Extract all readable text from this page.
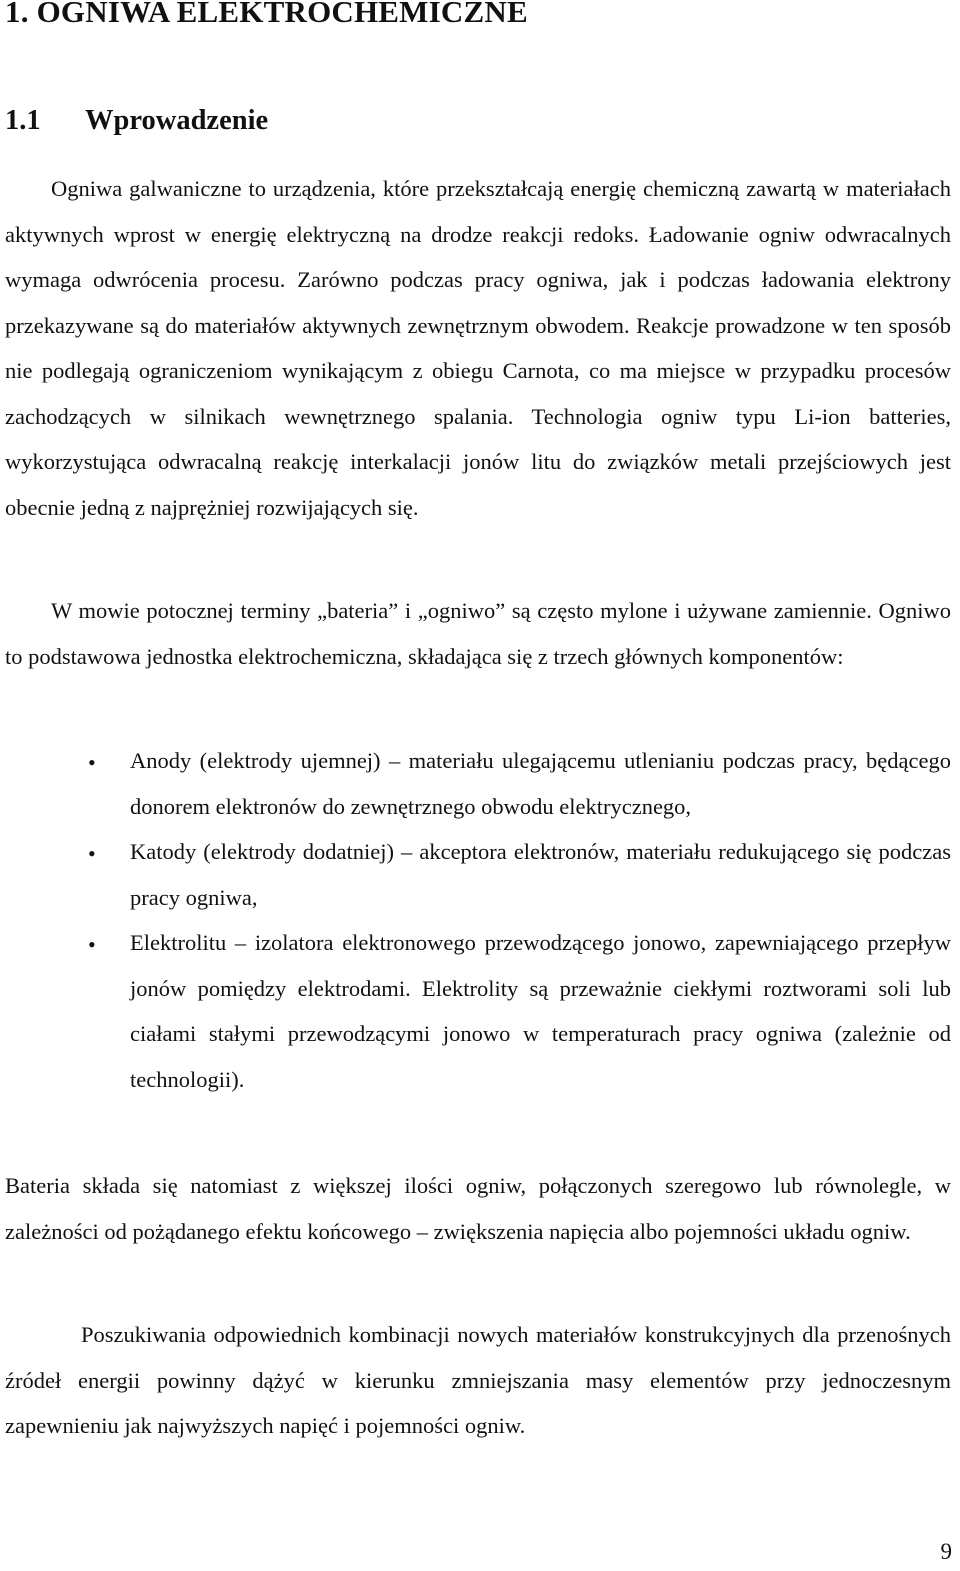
1. OGNIWA ELEKTROCHEMICZNE
1.1 Wprowadzenie

Ogniwa galwaniczne to urządzenia, które przekształcają energię chemiczną zawartą w materiałach aktywnych wprost w energię elektryczną na drodze reakcji redoks. Ładowanie ogniw odwracalnych wymaga odwrócenia procesu. Zarówno podczas pracy ogniwa, jak i podczas ładowania elektrony przekazywane są do materiałów aktywnych zewnętrznym obwodem. Reakcje prowadzone w ten sposób nie podlegają ograniczeniom wynikającym z obiegu Carnota, co ma miejsce w przypadku procesów zachodzących w silnikach wewnętrznego spalania. Technologia ogniw typu Li-ion batteries, wykorzystująca odwracalną reakcję interkalacji jonów litu do związków metali przejściowych jest obecnie jedną z najprężniej rozwijających się.

W mowie potocznej terminy „bateria” i „ogniwo” są często mylone i używane zamiennie. Ogniwo to podstawowa jednostka elektrochemiczna, składająca się z trzech głównych komponentów:

• Anody (elektrody ujemnej) – materiału ulegającemu utlenianiu podczas pracy, będącego donorem elektronów do zewnętrznego obwodu elektrycznego,
• Katody (elektrody dodatniej) – akceptora elektronów, materiału redukującego się podczas pracy ogniwa,
• Elektrolitu – izolatora elektronowego przewodzącego jonowo, zapewniającego przepływ jonów pomiędzy elektrodami. Elektrolity są przeważnie ciekłymi roztworami soli lub ciałami stałymi przewodzącymi jonowo w temperaturach pracy ogniwa (zależnie od technologii).

Bateria składa się natomiast z większej ilości ogniw, połączonych szeregowo lub równolegle, w zależności od pożądanego efektu końcowego – zwiększenia napięcia albo pojemności układu ogniw.

Poszukiwania odpowiednich kombinacji nowych materiałów konstrukcyjnych dla przenośnych źródeł energii powinny dążyć w kierunku zmniejszania masy elementów przy jednoczesnym zapewnieniu jak najwyższych napięć i pojemności ogniw.

9
